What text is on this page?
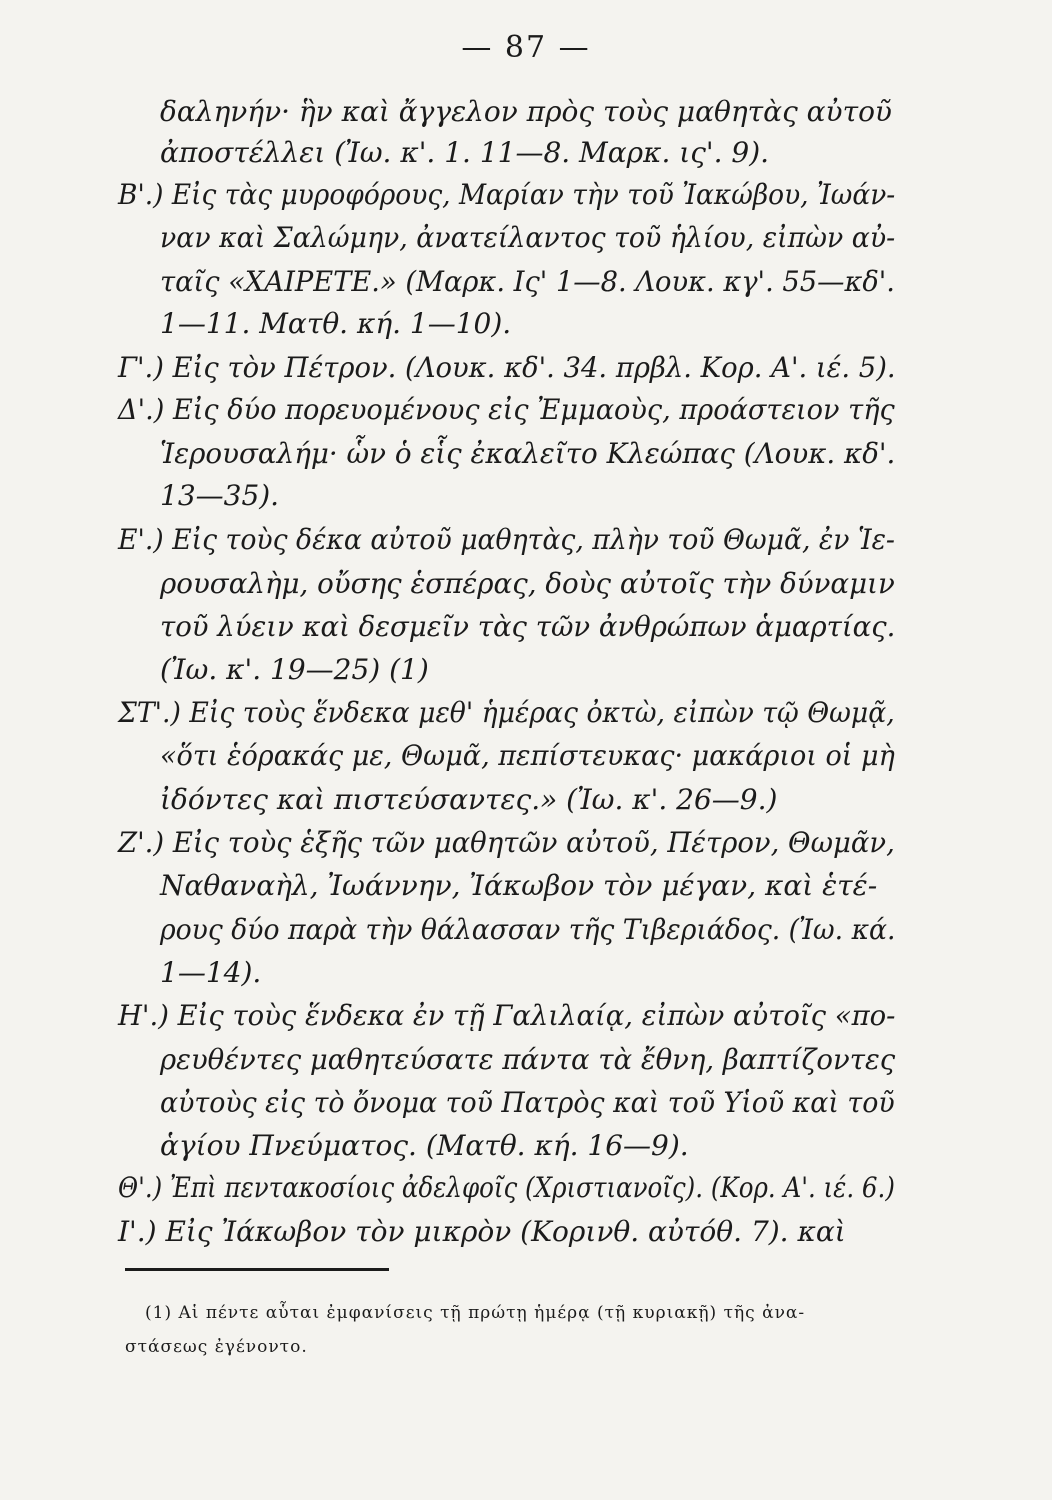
— 87 —
δαληνήν· ἣν καὶ ἄγγελον πρὸς τοὺς μαθητὰς αὐτοῦ
ἀποστέλλει (Ἰω. κ'. 1. 11—8. Μαρκ. ις'. 9).
Β'.) Εἰς τὰς μυροφόρους, Μαρίαν τὴν τοῦ Ἰακώβου, Ἰωάν-
ναν καὶ Σαλώμην, ἀνατείλαντος τοῦ ἡλίου, εἰπὼν αὐ-
ταῖς «ΧΑΙΡΕΤΕ.» (Μαρκ. Ις' 1—8. Λουκ. κγ'. 55—κδ'.
1—11. Ματθ. κή. 1—10).
Γ'.) Εἰς τὸν Πέτρον. (Λουκ. κδ'. 34. πρβλ. Κορ. Α'. ιέ. 5).
Δ'.) Εἰς δύο πορευομένους εἰς Ἐμμαοὺς, προάστειον τῆς
Ἱερουσαλήμ· ὧν ὁ εἷς ἐκαλεῖτο Κλεώπας (Λουκ. κδ'.
13—35).
Ε'.) Εἰς τοὺς δέκα αὐτοῦ μαθητὰς, πλὴν τοῦ Θωμᾶ, ἐν Ἱε-
ρουσαλὴμ, οὔσης ἑσπέρας, δοὺς αὐτοῖς τὴν δύναμιν
τοῦ λύειν καὶ δεσμεῖν τὰς τῶν ἀνθρώπων ἁμαρτίας.
(Ἰω. κ'. 19—25) (1)
ΣΤ'.) Εἰς τοὺς ἕνδεκα μεθ' ἡμέρας ὀκτὼ, εἰπὼν τῷ Θωμᾷ,
«ὅτι ἑόρακάς με, Θωμᾶ, πεπίστευκας· μακάριοι οἱ μὴ
ἰδόντες καὶ πιστεύσαντες.» (Ἰω. κ'. 26—9.)
Ζ'.) Εἰς τοὺς ἑξῆς τῶν μαθητῶν αὐτοῦ, Πέτρον, Θωμᾶν,
Ναθαναὴλ, Ἰωάννην, Ἰάκωβον τὸν μέγαν, καὶ ἑτέ-
ρους δύο παρὰ τὴν θάλασσαν τῆς Τιβεριάδος. (Ἰω. κά.
1—14).
Η'.) Εἰς τοὺς ἕνδεκα ἐν τῇ Γαλιλαίᾳ, εἰπὼν αὐτοῖς «πο-
ρευθέντες μαθητεύσατε πάντα τὰ ἔθνη, βαπτίζοντες
αὐτοὺς εἰς τὸ ὄνομα τοῦ Πατρὸς καὶ τοῦ Υἱοῦ καὶ τοῦ
ἁγίου Πνεύματος. (Ματθ. κή. 16—9).
Θ'.) Ἐπὶ πεντακοσίοις ἀδελφοῖς (Χριστιανοῖς). (Κορ. Α'. ιέ. 6.)
Ι'.) Εἰς Ἰάκωβον τὸν μικρὸν (Κορινθ. αὐτόθ. 7). καὶ
(1) Αἱ πέντε αὗται ἐμφανίσεις τῇ πρώτῃ ἡμέρᾳ (τῇ κυριακῇ) τῆς ἀνα-
στάσεως ἐγένοντο.
